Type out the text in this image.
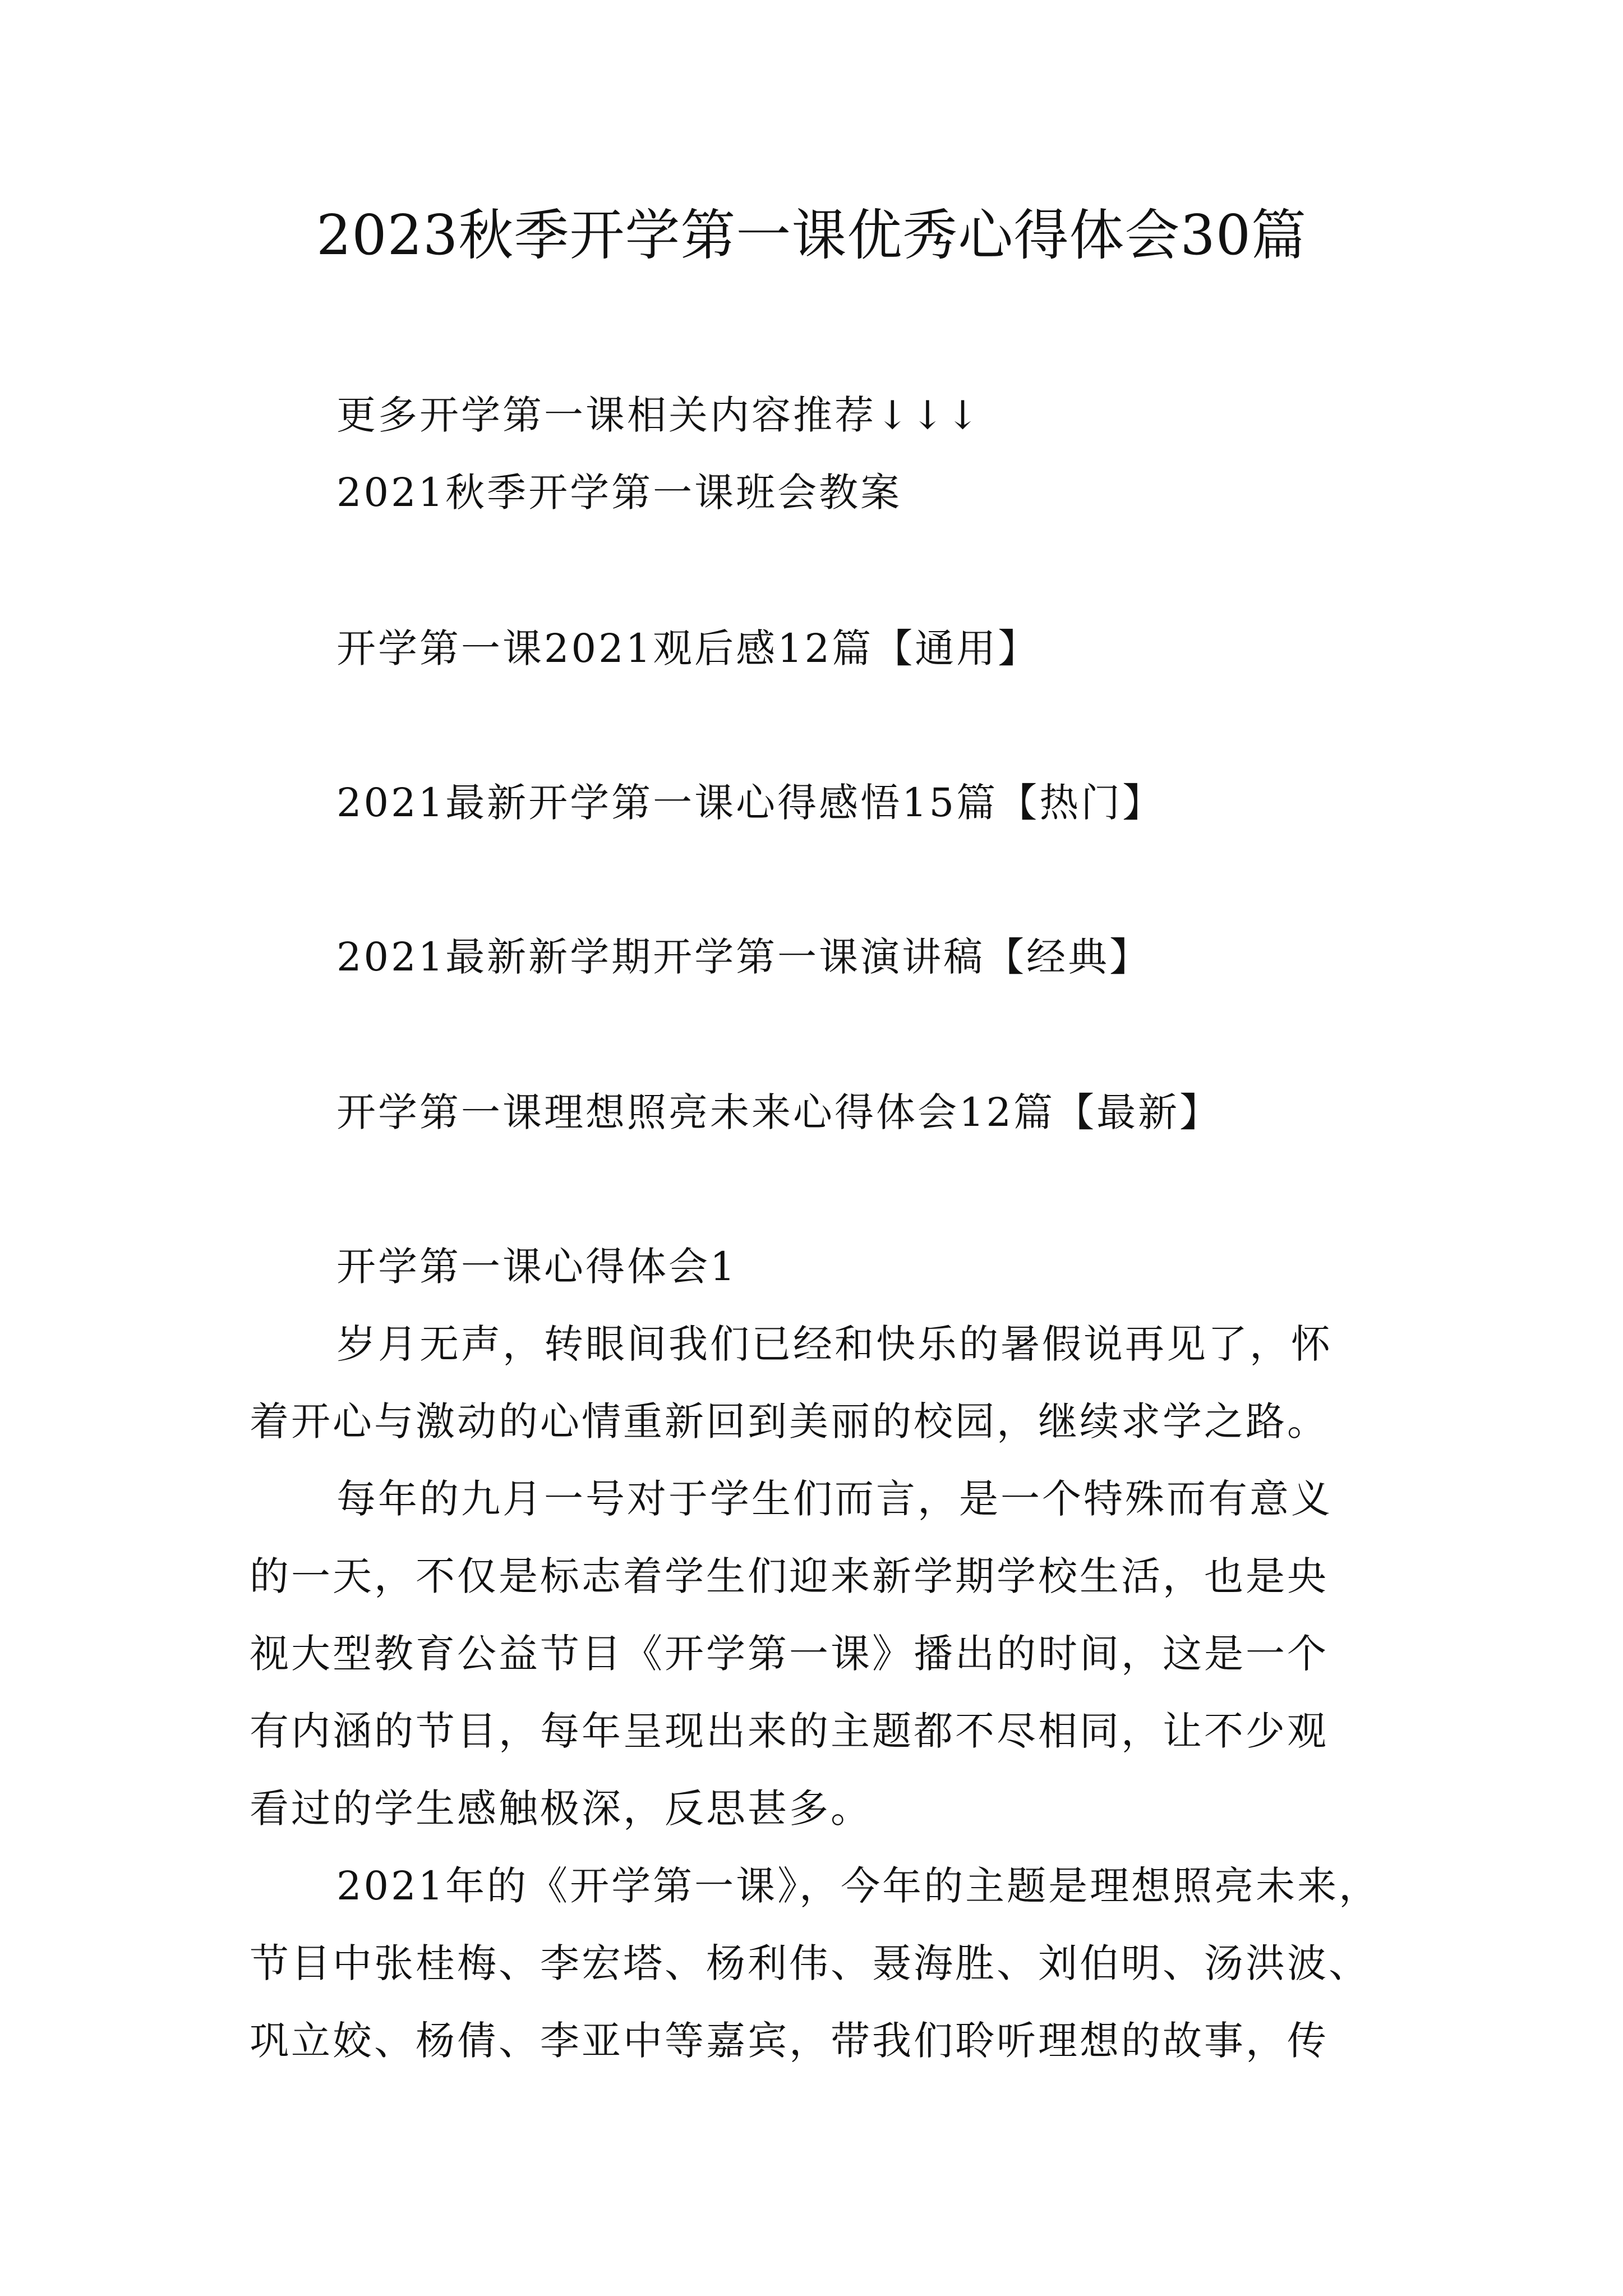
2023秋季开学第一课优秀心得体会30篇
更多开学第一课相关内容推荐↓↓↓
2021秋季开学第一课班会教案
开学第一课2021观后感12篇【通用】
2021最新开学第一课心得感悟15篇【热门】
2021最新新学期开学第一课演讲稿【经典】
开学第一课理想照亮未来心得体会12篇【最新】
开学第一课心得体会1
岁月无声，转眼间我们已经和快乐的暑假说再见了，怀
着开心与激动的心情重新回到美丽的校园，继续求学之路。
每年的九月一号对于学生们而言，是一个特殊而有意义
的一天，不仅是标志着学生们迎来新学期学校生活，也是央
视大型教育公益节目《开学第一课》播出的时间，这是一个
有内涵的节目，每年呈现出来的主题都不尽相同，让不少观
看过的学生感触极深，反思甚多。
2021年的《开学第一课》，今年的主题是理想照亮未来，
节目中张桂梅、李宏塔、杨利伟、聂海胜、刘伯明、汤洪波、
巩立姣、杨倩、李亚中等嘉宾，带我们聆听理想的故事，传
